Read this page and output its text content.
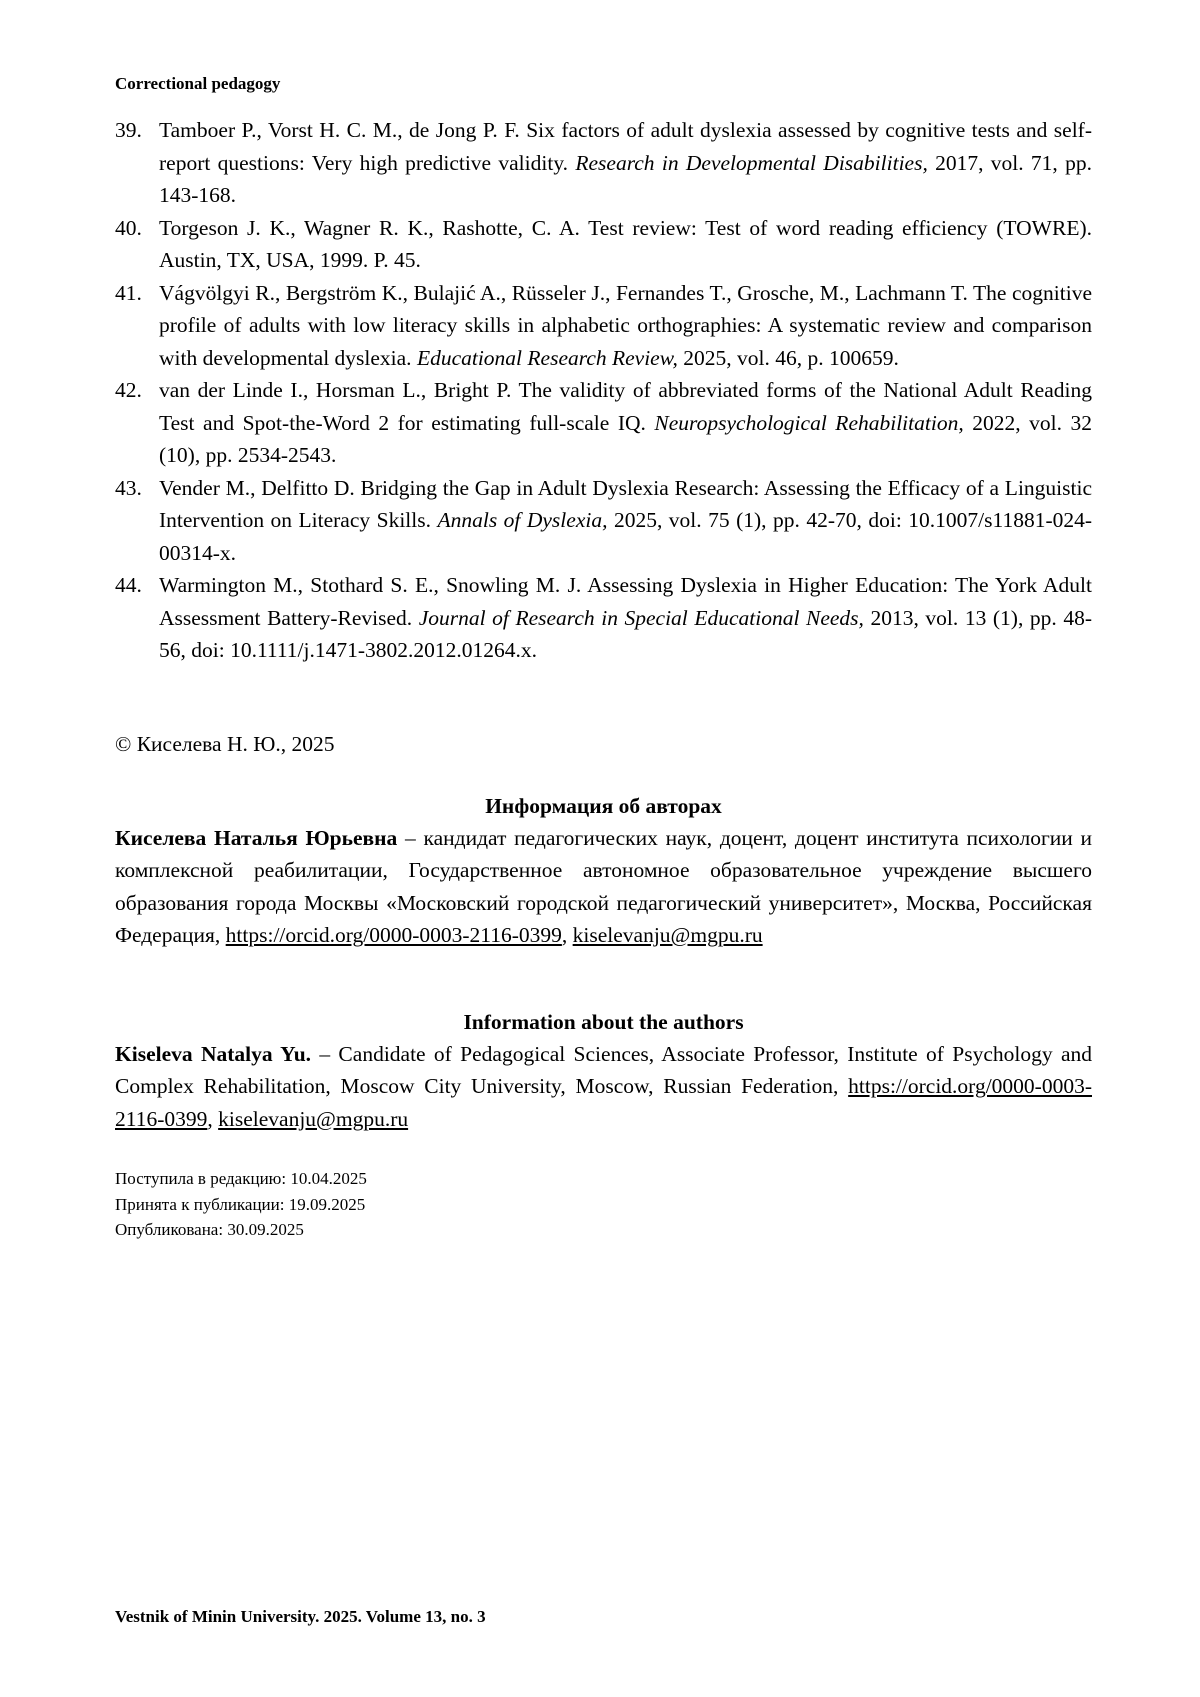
Correctional pedagogy
39. Tamboer P., Vorst H. C. M., de Jong P. F. Six factors of adult dyslexia assessed by cognitive tests and self-report questions: Very high predictive validity. Research in Developmental Disabilities, 2017, vol. 71, pp. 143-168.
40. Torgeson J. K., Wagner R. K., Rashotte, C. A. Test review: Test of word reading efficiency (TOWRE). Austin, TX, USA, 1999. P. 45.
41. Vágvölgyi R., Bergström K., Bulajić A., Rüsseler J., Fernandes T., Grosche, M., Lachmann T. The cognitive profile of adults with low literacy skills in alphabetic orthographies: A systematic review and comparison with developmental dyslexia. Educational Research Review, 2025, vol. 46, p. 100659.
42. van der Linde I., Horsman L., Bright P. The validity of abbreviated forms of the National Adult Reading Test and Spot-the-Word 2 for estimating full-scale IQ. Neuropsychological Rehabilitation, 2022, vol. 32 (10), pp. 2534-2543.
43. Vender M., Delfitto D. Bridging the Gap in Adult Dyslexia Research: Assessing the Efficacy of a Linguistic Intervention on Literacy Skills. Annals of Dyslexia, 2025, vol. 75 (1), pp. 42-70, doi: 10.1007/s11881-024-00314-x.
44. Warmington M., Stothard S. E., Snowling M. J. Assessing Dyslexia in Higher Education: The York Adult Assessment Battery-Revised. Journal of Research in Special Educational Needs, 2013, vol. 13 (1), pp. 48-56, doi: 10.1111/j.1471-3802.2012.01264.x.
© Киселева Н. Ю., 2025
Информация об авторах
Киселева Наталья Юрьевна – кандидат педагогических наук, доцент, доцент института психологии и комплексной реабилитации, Государственное автономное образовательное учреждение высшего образования города Москвы «Московский городской педагогический университет», Москва, Российская Федерация, https://orcid.org/0000-0003-2116-0399, kiselevanju@mgpu.ru
Information about the authors
Kiseleva Natalya Yu. – Candidate of Pedagogical Sciences, Associate Professor, Institute of Psychology and Complex Rehabilitation, Moscow City University, Moscow, Russian Federation, https://orcid.org/0000-0003-2116-0399, kiselevanju@mgpu.ru
Поступила в редакцию: 10.04.2025
Принята к публикации: 19.09.2025
Опубликована: 30.09.2025
Vestnik of Minin University. 2025. Volume 13, no. 3
